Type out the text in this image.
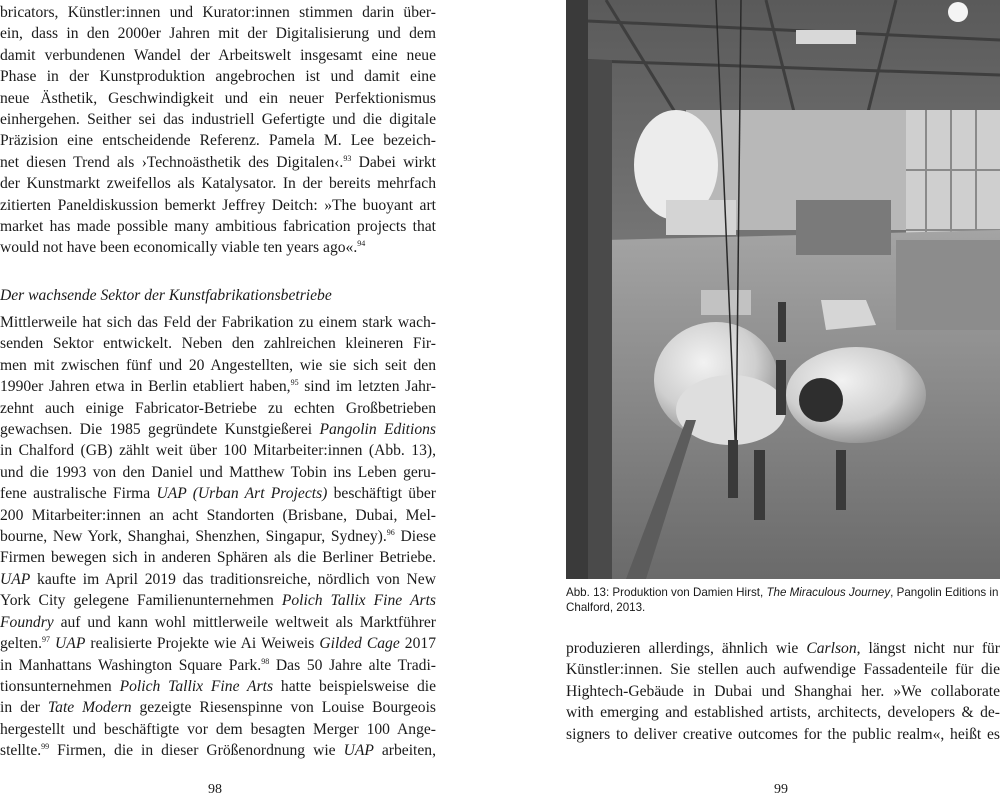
bricators, Künstler:innen und Kurator:innen stimmen darin über-
ein, dass in den 2000er Jahren mit der Digitalisierung und dem
damit verbundenen Wandel der Arbeitswelt insgesamt eine neue
Phase in der Kunstproduktion angebrochen ist und damit eine
neue Ästhetik, Geschwindigkeit und ein neuer Perfektionismus
einhergehen. Seither sei das industriell Gefertigte und die digitale
Präzision eine entscheidende Referenz. Pamela M. Lee bezeich-
net diesen Trend als ›Technoästhetik des Digitalen‹.$^{93}$ Dabei wirkt
der Kunstmarkt zweifellos als Katalysator. In der bereits mehrfach
zitierten Paneldiskussion bemerkt Jeffrey Deitch: »The buoyant art
market has made possible many ambitious fabrication projects that
would not have been economically viable ten years ago«.$^{94}$

Der wachsende Sektor der Kunstfabrikationsbetriebe

Mittlerweile hat sich das Feld der Fabrikation zu einem stark wach-
senden Sektor entwickelt. Neben den zahlreichen kleineren Fir-
men mit zwischen fünf und 20 Angestellten, wie sie sich seit den
1990er Jahren etwa in Berlin etabliert haben,$^{95}$ sind im letzten Jahr-
zehnt auch einige Fabricator-Betriebe zu echten Großbetrieben
gewachsen. Die 1985 gegründete Kunstgießerei Pangolin Editions
in Chalford (GB) zählt weit über 100 Mitarbeiter:innen (Abb. 13),
und die 1993 von den Daniel und Matthew Tobin ins Leben geru-
fene australische Firma UAP (Urban Art Projects) beschäftigt über
200 Mitarbeiter:innen an acht Standorten (Brisbane, Dubai, Mel-
bourne, New York, Shanghai, Shenzhen, Singapur, Sydney).$^{96}$ Diese
Firmen bewegen sich in anderen Sphären als die Berliner Betriebe.
UAP kaufte im April 2019 das traditionsreiche, nördlich von New
York City gelegene Familienunternehmen Polich Tallix Fine Arts
Foundry auf und kann wohl mittlerweile weltweit als Marktführer
gelten.$^{97}$ UAP realisierte Projekte wie Ai Weiweis Gilded Cage 2017
in Manhattans Washington Square Park.$^{98}$ Das 50 Jahre alte Tradi-
tionsunternehmen Polich Tallix Fine Arts hatte beispielsweise die
in der Tate Modern gezeigte Riesenspinne von Louise Bourgeois
hergestellt und beschäftigte vor dem besagten Merger 100 Ange-
stellte.$^{99}$ Firmen, die in dieser Größenordnung wie UAP arbeiten,
98

Abb. 13: Produktion von Damien Hirst, The Miraculous Journey, Pangolin Editions in Chalford, 2013.

produzieren allerdings, ähnlich wie Carlson, längst nicht nur für
Künstler:innen. Sie stellen auch aufwendige Fassadenteile für die
Hightech-Gebäude in Dubai und Shanghai her. »We collaborate
with emerging and established artists, architects, developers & de-
signers to deliver creative outcomes for the public realm«, heißt es
99
